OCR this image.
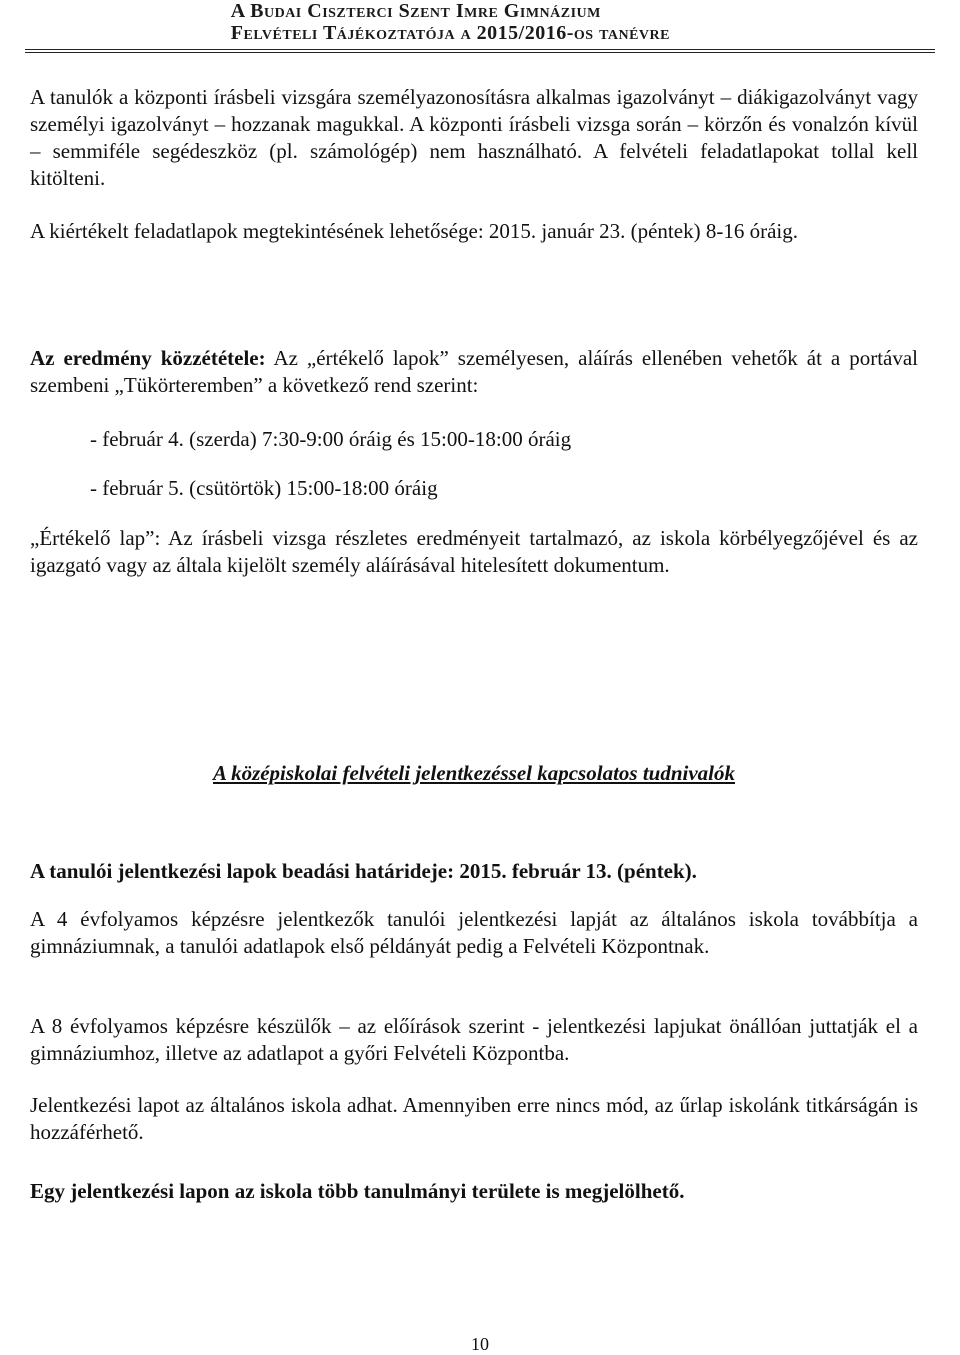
A Budai Ciszterci Szent Imre Gimnázium
Felvételi Tájékoztatója a 2015/2016-os tanévre

A tanulók a központi írásbeli vizsgára személyazonosításra alkalmas igazolványt – diákigazolványt vagy személyi igazolványt – hozzanak magukkal. A központi írásbeli vizsga során – körzőn és vonalzón kívül – semmiféle segédeszköz (pl. számológép) nem használható. A felvételi feladatlapokat tollal kell kitölteni.

A kiértékelt feladatlapok megtekintésének lehetősége: 2015. január 23. (péntek) 8-16 óráig.

Az eredmény közzététele: Az „értékelő lapok” személyesen, aláírás ellenében vehetők át a portával szembeni „Tükörteremben” a következő rend szerint:

- február 4. (szerda) 7:30-9:00 óráig és 15:00-18:00 óráig

- február 5. (csütörtök) 15:00-18:00 óráig

„Értékelő lap”: Az írásbeli vizsga részletes eredményeit tartalmazó, az iskola körbélyegzőjével és az igazgató vagy az általa kijelölt személy aláírásával hitelesített dokumentum.

A középiskolai felvételi jelentkezéssel kapcsolatos tudnivalók

A tanulói jelentkezési lapok beadási határideje: 2015. február 13. (péntek).

A 4 évfolyamos képzésre jelentkezők tanulói jelentkezési lapját az általános iskola továbbítja a gimnáziumnak, a tanulói adatlapok első példányát pedig a Felvételi Központnak.

A 8 évfolyamos képzésre készülők – az előírások szerint - jelentkezési lapjukat önállóan juttatják el a gimnáziumhoz, illetve az adatlapot a győri Felvételi Központba.

Jelentkezési lapot az általános iskola adhat. Amennyiben erre nincs mód, az űrlap iskolánk titkárságán is hozzáférhető.

Egy jelentkezési lapon az iskola több tanulmányi területe is megjelölhető.

10
